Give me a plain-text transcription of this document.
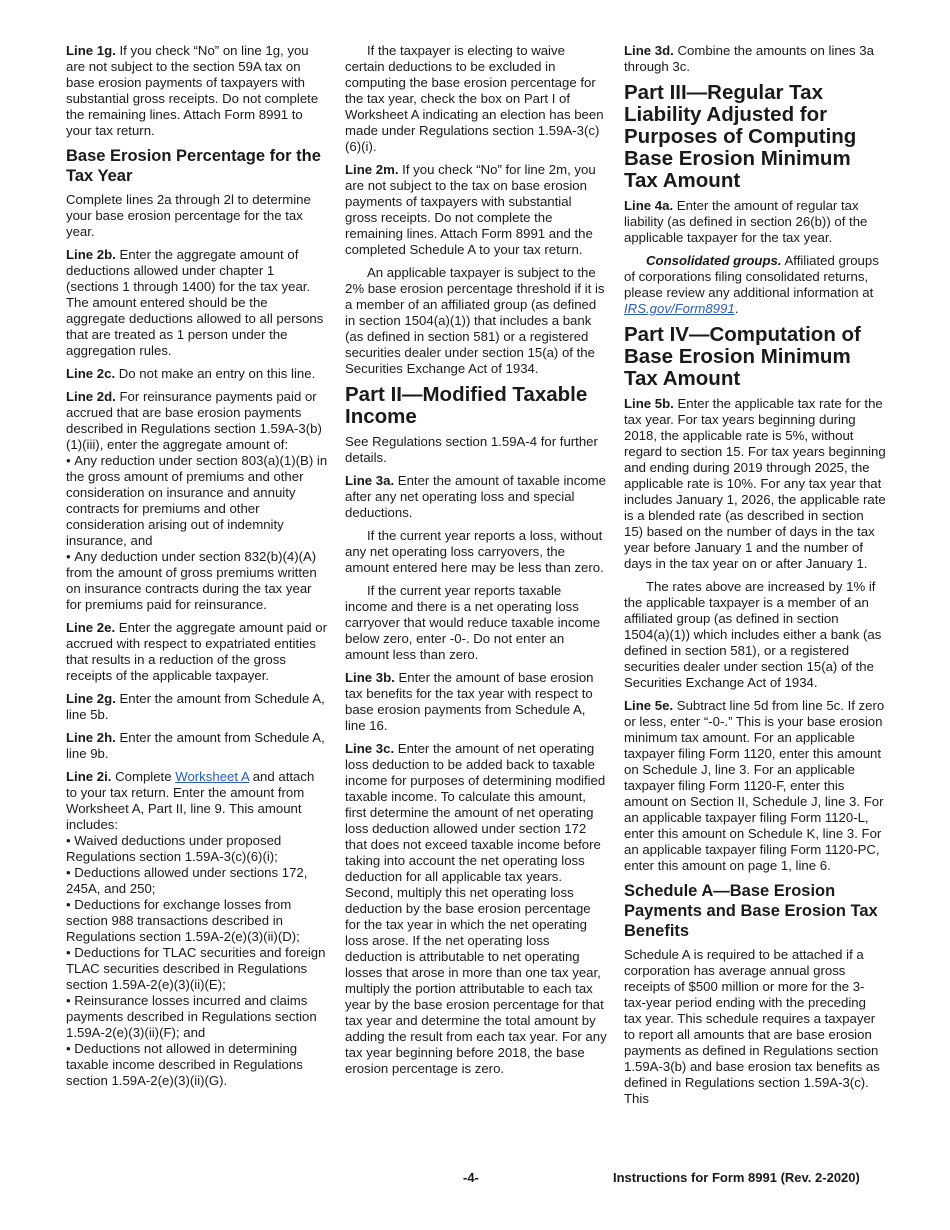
Line 1g. If you check “No” on line 1g, you are not subject to the section 59A tax on base erosion payments of taxpayers with substantial gross receipts. Do not complete the remaining lines. Attach Form 8991 to your tax return.

Base Erosion Percentage for the Tax Year

Complete lines 2a through 2l to determine your base erosion percentage for the tax year.

Line 2b. Enter the aggregate amount of deductions allowed under chapter 1 (sections 1 through 1400) for the tax year. The amount entered should be the aggregate deductions allowed to all persons that are treated as 1 person under the aggregation rules.

Line 2c. Do not make an entry on this line.

Line 2d. For reinsurance payments paid or accrued that are base erosion payments described in Regulations section 1.59A-3(b)(1)(iii), enter the aggregate amount of:

• Any reduction under section 803(a)(1)(B) in the gross amount of premiums and other consideration on insurance and annuity contracts for premiums and other consideration arising out of indemnity insurance, and

• Any deduction under section 832(b)(4)(A) from the amount of gross premiums written on insurance contracts during the tax year for premiums paid for reinsurance.

Line 2e. Enter the aggregate amount paid or accrued with respect to expatriated entities that results in a reduction of the gross receipts of the applicable taxpayer.

Line 2g. Enter the amount from Schedule A, line 5b.

Line 2h. Enter the amount from Schedule A, line 9b.

Line 2i. Complete Worksheet A and attach to your tax return. Enter the amount from Worksheet A, Part II, line 9. This amount includes:

• Waived deductions under proposed Regulations section 1.59A-3(c)(6)(i);

• Deductions allowed under sections 172, 245A, and 250;

• Deductions for exchange losses from section 988 transactions described in Regulations section 1.59A-2(e)(3)(ii)(D);

• Deductions for TLAC securities and foreign TLAC securities described in Regulations section 1.59A-2(e)(3)(ii)(E);

• Reinsurance losses incurred and claims payments described in Regulations section 1.59A-2(e)(3)(ii)(F); and

• Deductions not allowed in determining taxable income described in Regulations section 1.59A-2(e)(3)(ii)(G).

If the taxpayer is electing to waive certain deductions to be excluded in computing the base erosion percentage for the tax year, check the box on Part I of Worksheet A indicating an election has been made under Regulations section 1.59A-3(c)(6)(i).

Line 2m. If you check “No” for line 2m, you are not subject to the tax on base erosion payments of taxpayers with substantial gross receipts. Do not complete the remaining lines. Attach Form 8991 and the completed Schedule A to your tax return.

An applicable taxpayer is subject to the 2% base erosion percentage threshold if it is a member of an affiliated group (as defined in section 1504(a)(1)) that includes a bank (as defined in section 581) or a registered securities dealer under section 15(a) of the Securities Exchange Act of 1934.

Part II—Modified Taxable Income

See Regulations section 1.59A-4 for further details.

Line 3a. Enter the amount of taxable income after any net operating loss and special deductions.

If the current year reports a loss, without any net operating loss carryovers, the amount entered here may be less than zero.

If the current year reports taxable income and there is a net operating loss carryover that would reduce taxable income below zero, enter -0-. Do not enter an amount less than zero.

Line 3b. Enter the amount of base erosion tax benefits for the tax year with respect to base erosion payments from Schedule A, line 16.

Line 3c. Enter the amount of net operating loss deduction to be added back to taxable income for purposes of determining modified taxable income. To calculate this amount, first determine the amount of net operating loss deduction allowed under section 172 that does not exceed taxable income before taking into account the net operating loss deduction for all applicable tax years. Second, multiply this net operating loss deduction by the base erosion percentage for the tax year in which the net operating loss arose. If the net operating loss deduction is attributable to net operating losses that arose in more than one tax year, multiply the portion attributable to each tax year by the base erosion percentage for that tax year and determine the total amount by adding the result from each tax year. For any tax year beginning before 2018, the base erosion percentage is zero.

Line 3d. Combine the amounts on lines 3a through 3c.

Part III—Regular Tax Liability Adjusted for Purposes of Computing Base Erosion Minimum Tax Amount

Line 4a. Enter the amount of regular tax liability (as defined in section 26(b)) of the applicable taxpayer for the tax year.

Consolidated groups. Affiliated groups of corporations filing consolidated returns, please review any additional information at IRS.gov/Form8991.

Part IV—Computation of Base Erosion Minimum Tax Amount

Line 5b. Enter the applicable tax rate for the tax year. For tax years beginning during 2018, the applicable rate is 5%, without regard to section 15. For tax years beginning and ending during 2019 through 2025, the applicable rate is 10%. For any tax year that includes January 1, 2026, the applicable rate is a blended rate (as described in section 15) based on the number of days in the tax year before January 1 and the number of days in the tax year on or after January 1.

The rates above are increased by 1% if the applicable taxpayer is a member of an affiliated group (as defined in section 1504(a)(1)) which includes either a bank (as defined in section 581), or a registered securities dealer under section 15(a) of the Securities Exchange Act of 1934.

Line 5e. Subtract line 5d from line 5c. If zero or less, enter “-0-.” This is your base erosion minimum tax amount. For an applicable taxpayer filing Form 1120, enter this amount on Schedule J, line 3. For an applicable taxpayer filing Form 1120-F, enter this amount on Section II, Schedule J, line 3. For an applicable taxpayer filing Form 1120-L, enter this amount on Schedule K, line 3. For an applicable taxpayer filing Form 1120-PC, enter this amount on page 1, line 6.

Schedule A—Base Erosion Payments and Base Erosion Tax Benefits

Schedule A is required to be attached if a corporation has average annual gross receipts of $500 million or more for the 3-tax-year period ending with the preceding tax year. This schedule requires a taxpayer to report all amounts that are base erosion payments as defined in Regulations section 1.59A-3(b) and base erosion tax benefits as defined in Regulations section 1.59A-3(c). This

-4-	Instructions for Form 8991 (Rev. 2-2020)
